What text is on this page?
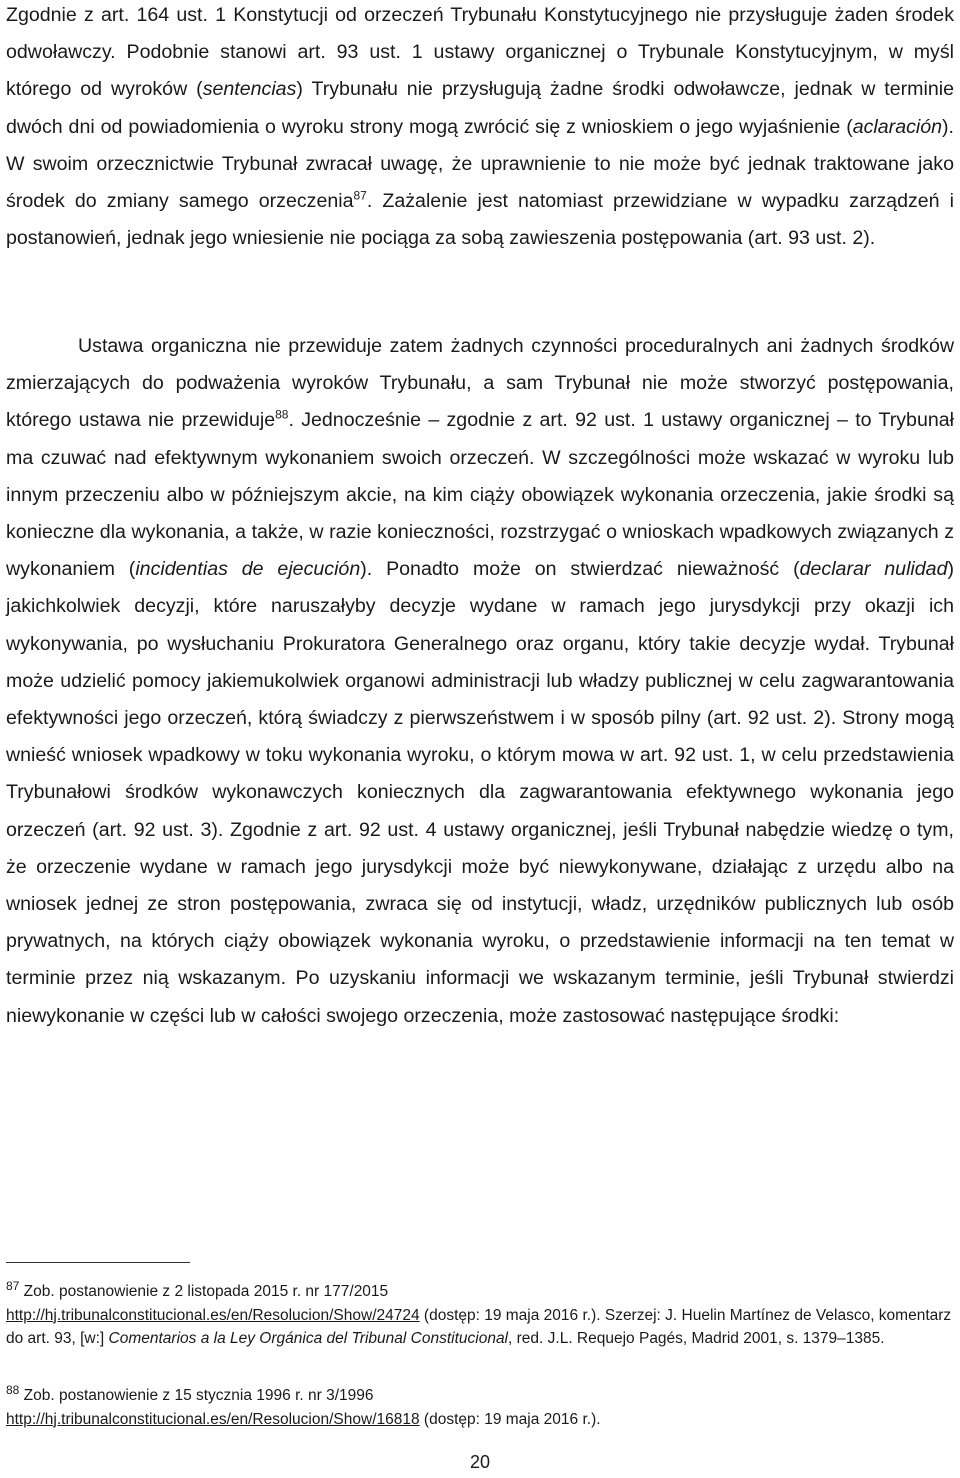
Zgodnie z art. 164 ust. 1 Konstytucji od orzeczeń Trybunału Konstytucyjnego nie przysługuje żaden środek odwoławczy. Podobnie stanowi art. 93 ust. 1 ustawy organicznej o Trybunale Konstytucyjnym, w myśl którego od wyroków (sentencias) Trybunału nie przysługują żadne środki odwoławcze, jednak w terminie dwóch dni od powiadomienia o wyroku strony mogą zwrócić się z wnioskiem o jego wyjaśnienie (aclaración). W swoim orzecznictwie Trybunał zwracał uwagę, że uprawnienie to nie może być jednak traktowane jako środek do zmiany samego orzeczenia$^{87}$. Zażalenie jest natomiast przewidziane w wypadku zarządzeń i postanowień, jednak jego wniesienie nie pociąga za sobą zawieszenia postępowania (art. 93 ust. 2).

Ustawa organiczna nie przewiduje zatem żadnych czynności proceduralnych ani żadnych środków zmierzających do podważenia wyroków Trybunału, a sam Trybunał nie może stworzyć postępowania, którego ustawa nie przewiduje$^{88}$. Jednocześnie – zgodnie z art. 92 ust. 1 ustawy organicznej – to Trybunał ma czuwać nad efektywnym wykonaniem swoich orzeczeń. W szczególności może wskazać w wyroku lub innym przeczeniu albo w późniejszym akcie, na kim ciąży obowiązek wykonania orzeczenia, jakie środki są konieczne dla wykonania, a także, w razie konieczności, rozstrzygać o wnioskach wpadkowych związanych z wykonaniem (incidentias de ejecución). Ponadto może on stwierdzać nieważność (declarar nulidad) jakichkolwiek decyzji, które naruszałyby decyzje wydane w ramach jego jurysdykcji przy okazji ich wykonywania, po wysłuchaniu Prokuratora Generalnego oraz organu, który takie decyzje wydał. Trybunał może udzielić pomocy jakiemukolwiek organowi administracji lub władzy publicznej w celu zagwarantowania efektywności jego orzeczeń, którą świadczy z pierwszeństwem i w sposób pilny (art. 92 ust. 2). Strony mogą wnieść wniosek wpadkowy w toku wykonania wyroku, o którym mowa w art. 92 ust. 1, w celu przedstawienia Trybunałowi środków wykonawczych koniecznych dla zagwarantowania efektywnego wykonania jego orzeczeń (art. 92 ust. 3). Zgodnie z art. 92 ust. 4 ustawy organicznej, jeśli Trybunał nabędzie wiedzę o tym, że orzeczenie wydane w ramach jego jurysdykcji może być niewykonywane, działając z urzędu albo na wniosek jednej ze stron postępowania, zwraca się od instytucji, władz, urzędników publicznych lub osób prywatnych, na których ciąży obowiązek wykonania wyroku, o przedstawienie informacji na ten temat w terminie przez nią wskazanym. Po uzyskaniu informacji we wskazanym terminie, jeśli Trybunał stwierdzi niewykonanie w części lub w całości swojego orzeczenia, może zastosować następujące środki:

$^{87}$ Zob. postanowienie z 2 listopada 2015 r. nr 177/2015
http://hj.tribunalconstitucional.es/en/Resolucion/Show/24724 (dostęp: 19 maja 2016 r.). Szerzej: J. Huelin Martínez de Velasco, komentarz do art. 93, [w:] Comentarios a la Ley Orgánica del Tribunal Constitucional, red. J.L. Requejo Pagés, Madrid 2001, s. 1379–1385.
$^{88}$ Zob. postanowienie z 15 stycznia 1996 r. nr 3/1996
http://hj.tribunalconstitucional.es/en/Resolucion/Show/16818 (dostęp: 19 maja 2016 r.).
20
